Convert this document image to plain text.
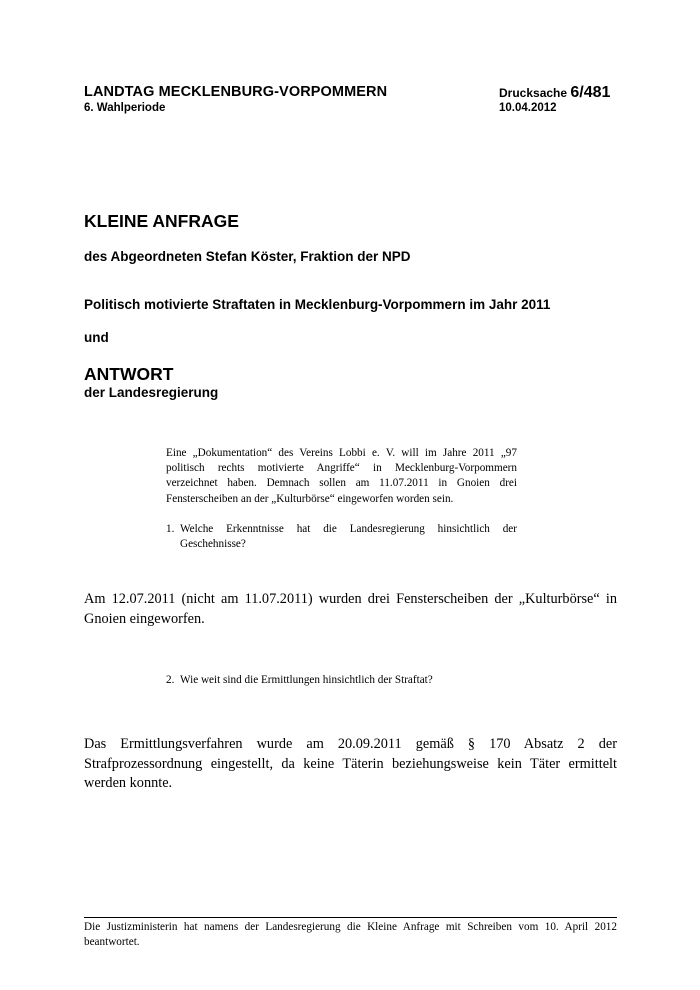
LANDTAG MECKLENBURG-VORPOMMERN
6. Wahlperiode
Drucksache 6/481
10.04.2012
KLEINE ANFRAGE
des Abgeordneten Stefan Köster, Fraktion der NPD
Politisch motivierte Straftaten in Mecklenburg-Vorpommern im Jahr 2011
und
ANTWORT
der Landesregierung

Eine „Dokumentation“ des Vereins Lobbi e. V. will im Jahre 2011 „97 politisch rechts motivierte Angriffe“ in Mecklenburg-Vorpommern verzeichnet haben. Demnach sollen am 11.07.2011 in Gnoien drei Fensterscheiben an der „Kulturbörse“ eingeworfen worden sein.

1. Welche Erkenntnisse hat die Landesregierung hinsichtlich der Geschehnisse?
Am 12.07.2011 (nicht am 11.07.2011) wurden drei Fensterscheiben der „Kulturbörse“ in Gnoien eingeworfen.
2. Wie weit sind die Ermittlungen hinsichtlich der Straftat?
Das Ermittlungsverfahren wurde am 20.09.2011 gemäß § 170 Absatz 2 der Strafprozessordnung eingestellt, da keine Täterin beziehungsweise kein Täter ermittelt werden konnte.
Die Justizministerin hat namens der Landesregierung die Kleine Anfrage mit Schreiben vom 10. April 2012 beantwortet.
